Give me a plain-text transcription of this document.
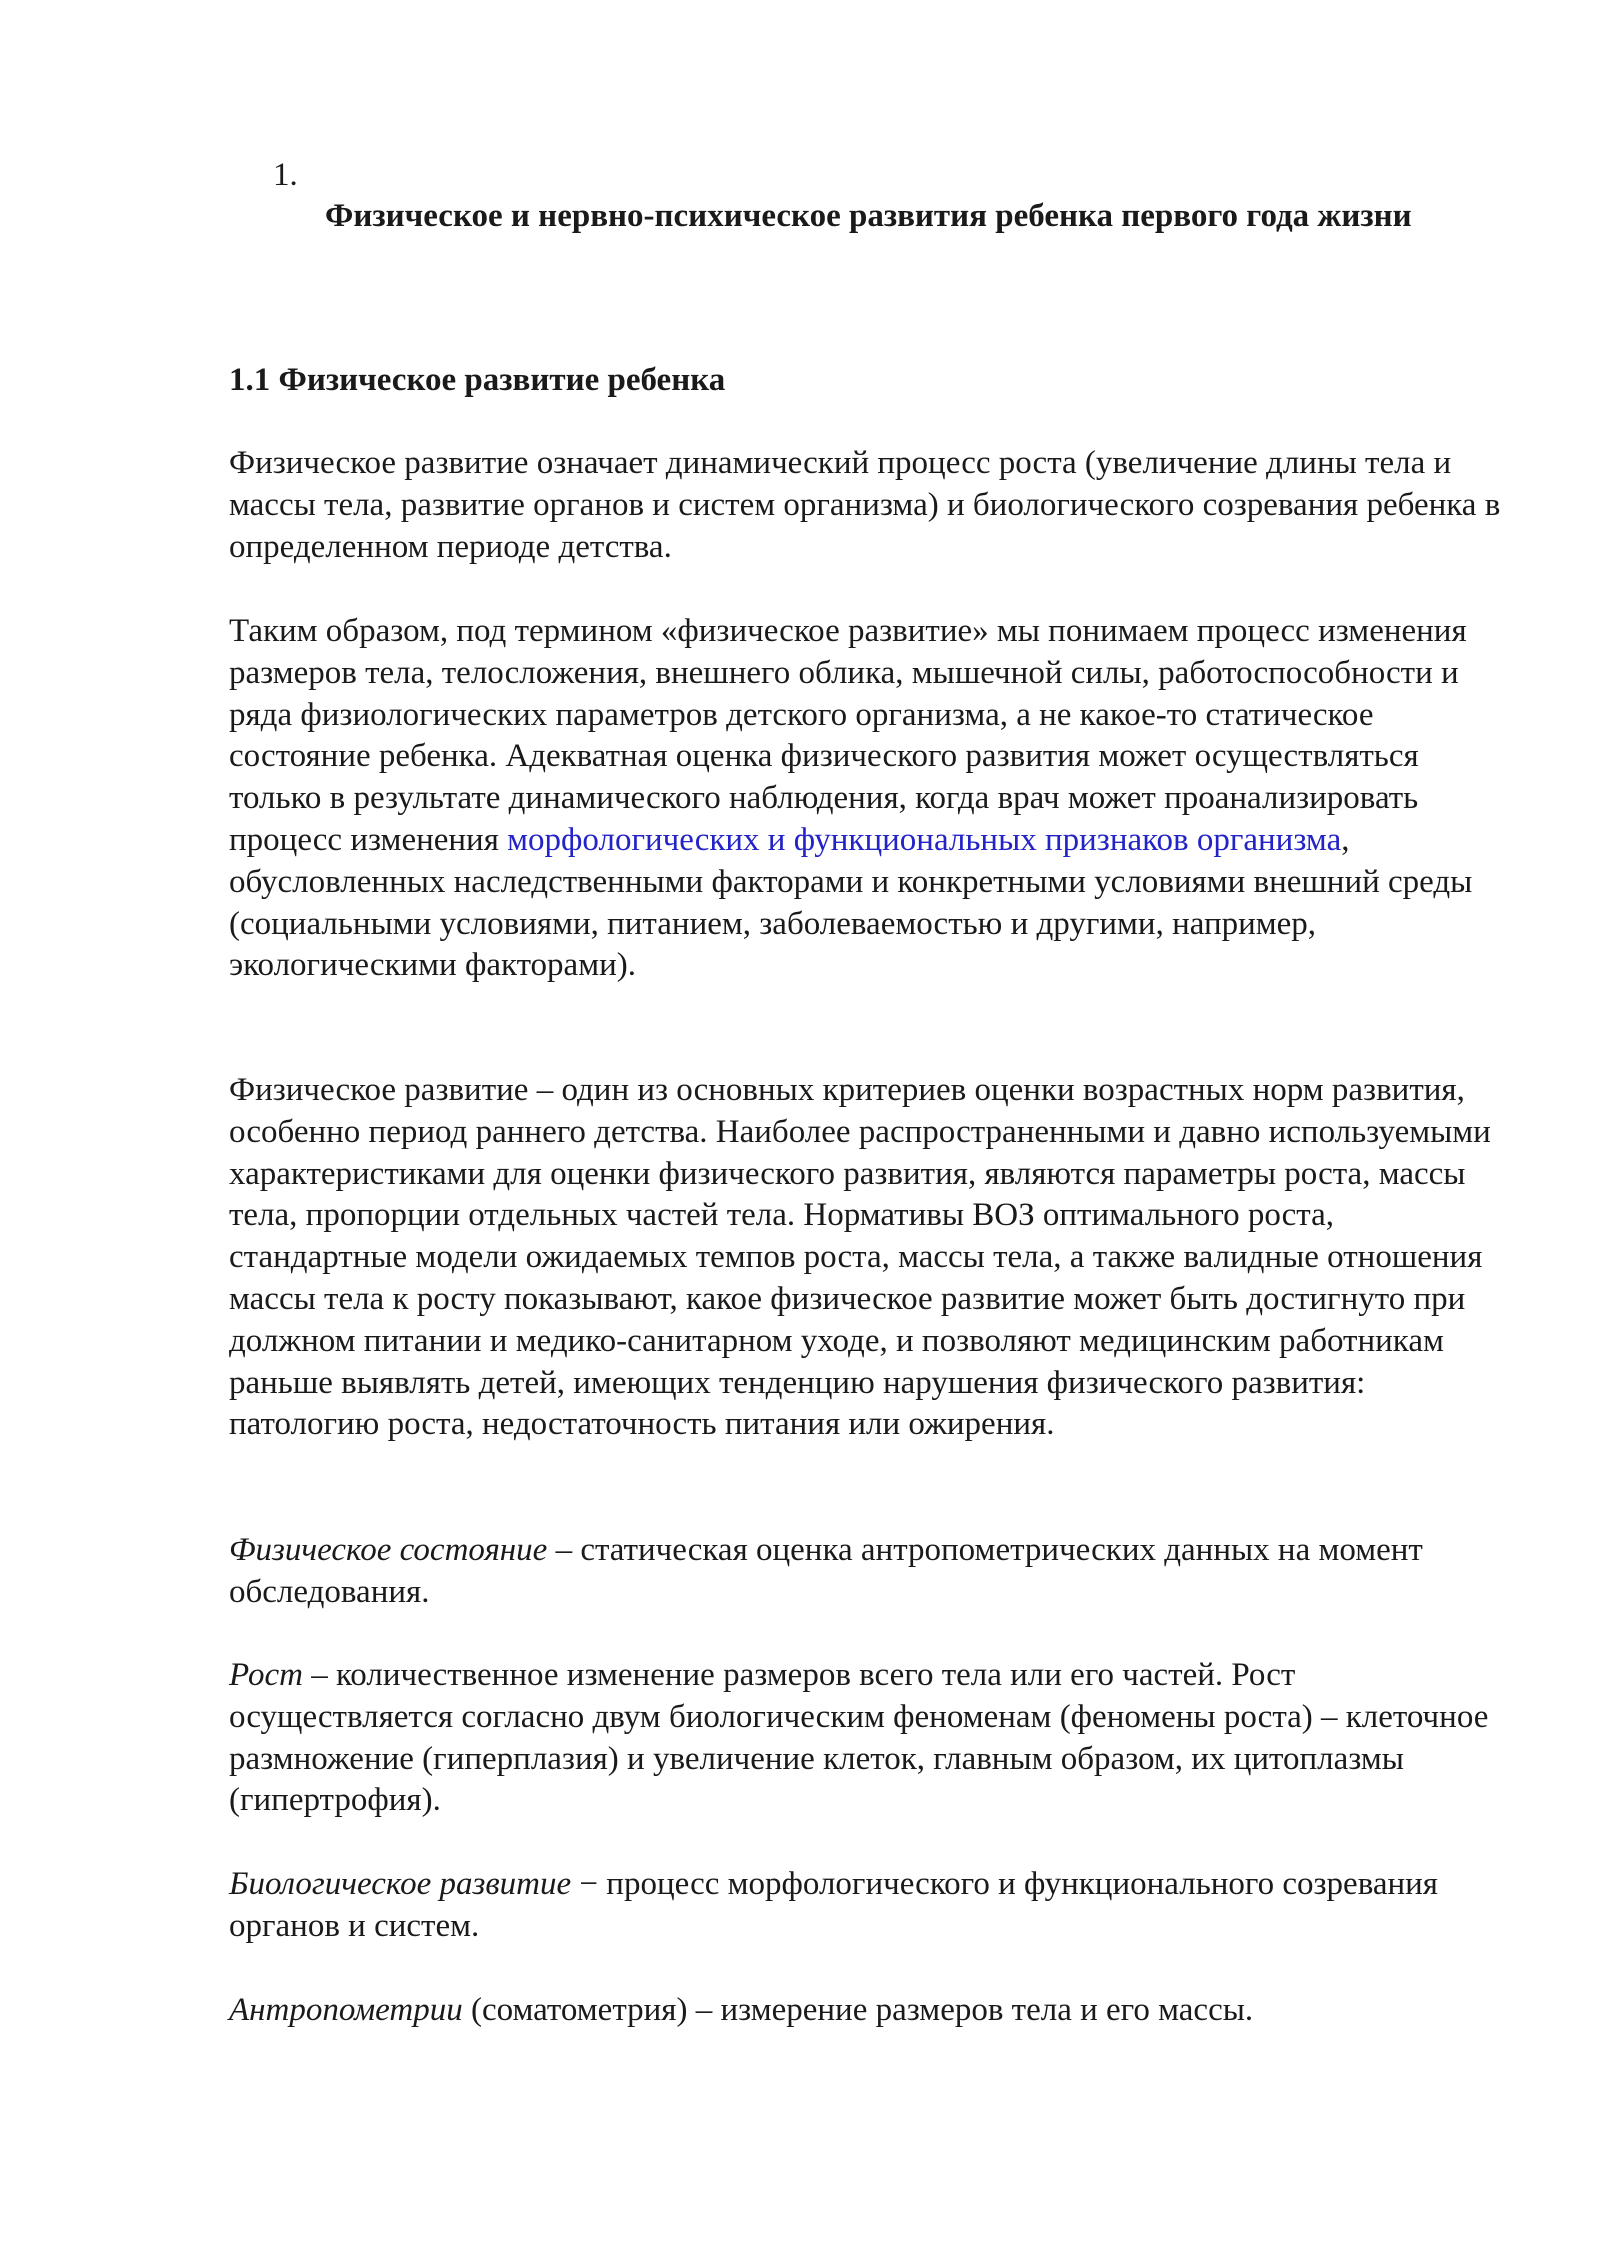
1.
Физическое и нервно-психическое развития ребенка первого года жизни
1.1 Физическое развитие ребенка

Физическое развитие означает динамический процесс роста (увеличение длины тела и массы тела, развитие органов и систем организма) и биологического созревания ребенка в определенном периоде детства.

Таким образом, под термином «физическое развитие» мы понимаем процесс изменения размеров тела, телосложения, внешнего облика, мышечной силы, работоспособности и ряда физиологических параметров детского организма, а не какое-то статическое состояние ребенка. Адекватная оценка физического развития может осуществляться только в результате динамического наблюдения, когда врач может проанализировать процесс изменения морфологических и функциональных признаков организма, обусловленных наследственными факторами и конкретными условиями внешний среды (социальными условиями, питанием, заболеваемостью и другими, например, экологическими факторами).

Физическое развитие – один из основных критериев оценки возрастных норм развития, особенно период раннего детства. Наиболее распространенными и давно используемыми характеристиками для оценки физического развития, являются параметры роста, массы тела, пропорции отдельных частей тела. Нормативы ВОЗ оптимального роста, стандартные модели ожидаемых темпов роста, массы тела, а также валидные отношения массы тела к росту показывают, какое физическое развитие может быть достигнуто при должном питании и медико-санитарном уходе, и позволяют медицинским работникам раньше выявлять детей, имеющих тенденцию нарушения физического развития: патологию роста, недостаточность питания или ожирения.

Физическое состояние – статическая оценка антропометрических данных на момент обследования.

Рост – количественное изменение размеров всего тела или его частей. Рост осуществляется согласно двум биологическим феноменам (феномены роста) – клеточное размножение (гиперплазия) и увеличение клеток, главным образом, их цитоплазмы (гипертрофия).

Биологическое развитие − процесс морфологического и функционального созревания органов и систем.

Антропометрии (соматометрия) – измерение размеров тела и его массы.
